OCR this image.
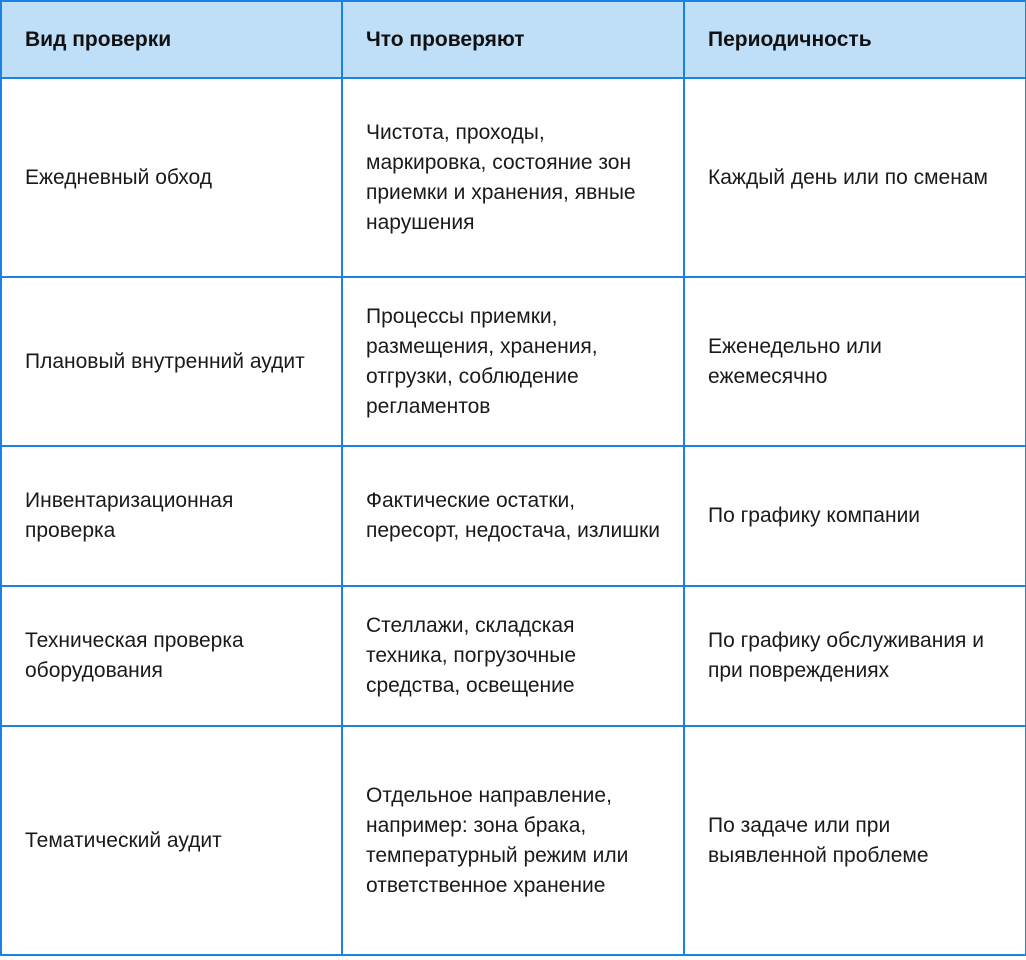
Вид проверки	Что проверяют	Периодичность

Ежедневный обход	Чистота, проходы, маркировка, состояние зон приемки и хранения, явные нарушения	Каждый день или по сменам

Плановый внутренний аудит	Процессы приемки, размещения, хранения, отгрузки, соблюдение регламентов	Еженедельно или ежемесячно

Инвентаризационная проверка	Фактические остатки, пересорт, недостача, излишки	По графику компании

Техническая проверка оборудования	Стеллажи, складская техника, погрузочные средства, освещение	По графику обслуживания и при повреждениях

Тематический аудит	Отдельное направление, например: зона брака, температурный режим или ответственное хранение	По задаче или при выявленной проблеме
